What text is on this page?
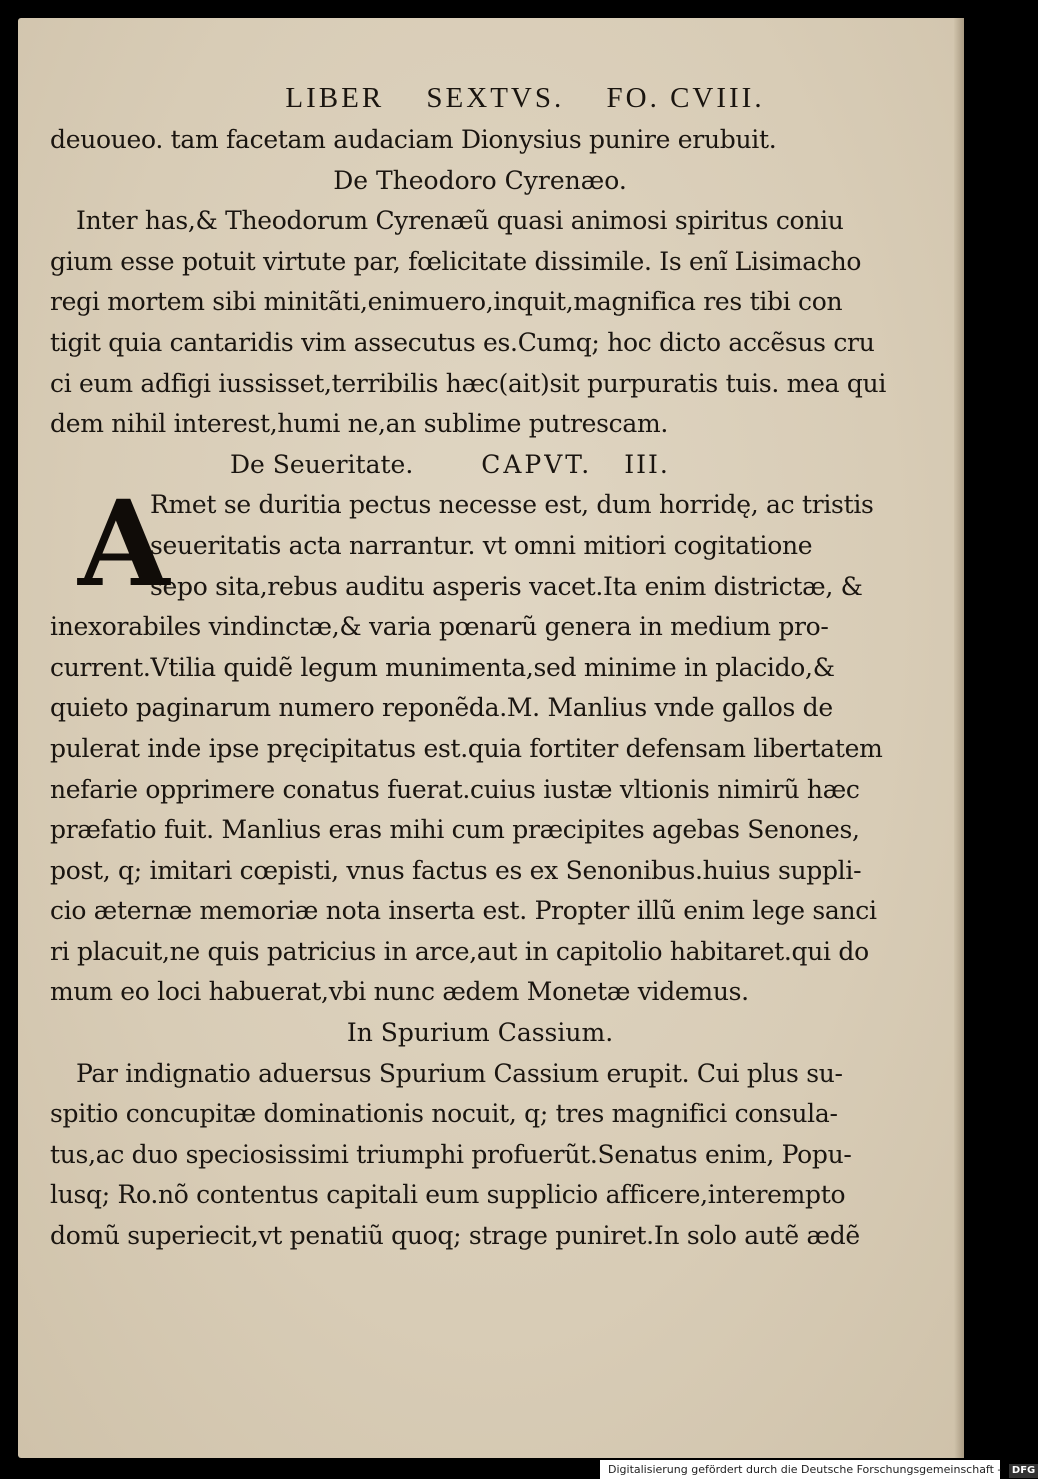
LIBER SEXTVS. FO. CVIII.
deuoueo. tam facetam audaciam Dionysius punire erubuit.
De Theodoro Cyrenæo.
Inter has,& Theodorum Cyrenæũ quasi animosi spiritus coniu
gium esse potuit virtute par, fœlicitate dissimile. Is enĩ Lisimacho
regi mortem sibi minitãti,enimuero,inquit,magnifica res tibi con
tigit quia cantaridis vim assecutus es.Cumq; hoc dicto accẽsus cru
ci eum adfigi iussisset,terribilis hæc(ait)sit purpuratis tuis. mea qui
dem nihil interest,humi ne,an sublime putrescam.
De Seueritate.	CAPVT. III.
A
Rmet se duritia pectus necesse est, dum horridę, ac tristis
seueritatis acta narrantur. vt omni mitiori cogitatione
sepo sita,rebus auditu asperis vacet.Ita enim districtæ, &
inexorabiles vindinctæ,& varia pœnarũ genera in medium pro-
current.Vtilia quidẽ legum munimenta,sed minime in placido,&
quieto paginarum numero reponẽda.M. Manlius vnde gallos de
pulerat inde ipse pręcipitatus est.quia fortiter defensam libertatem
nefarie opprimere conatus fuerat.cuius iustæ vltionis nimirũ hæc
præfatio fuit. Manlius eras mihi cum præcipites agebas Senones,
post, q; imitari cœpisti, vnus factus es ex Senonibus.huius suppli-
cio æternæ memoriæ nota inserta est. Propter illũ enim lege sanci
ri placuit,ne quis patricius in arce,aut in capitolio habitaret.qui do
mum eo loci habuerat,vbi nunc ædem Monetæ videmus.
In Spurium Cassium.
Par indignatio aduersus Spurium Cassium erupit. Cui plus su-
spitio concupitæ dominationis nocuit, q; tres magnifici consula-
tus,ac duo speciosissimi triumphi profuerũt.Senatus enim, Popu-
lusq; Ro.nõ contentus capitali eum supplicio afficere,interempto
domũ superiecit,vt penatiũ quoq; strage puniret.In solo autẽ ædẽ
Digitalisierung gefördert durch die Deutsche Forschungsgemeinschaft - DFG
